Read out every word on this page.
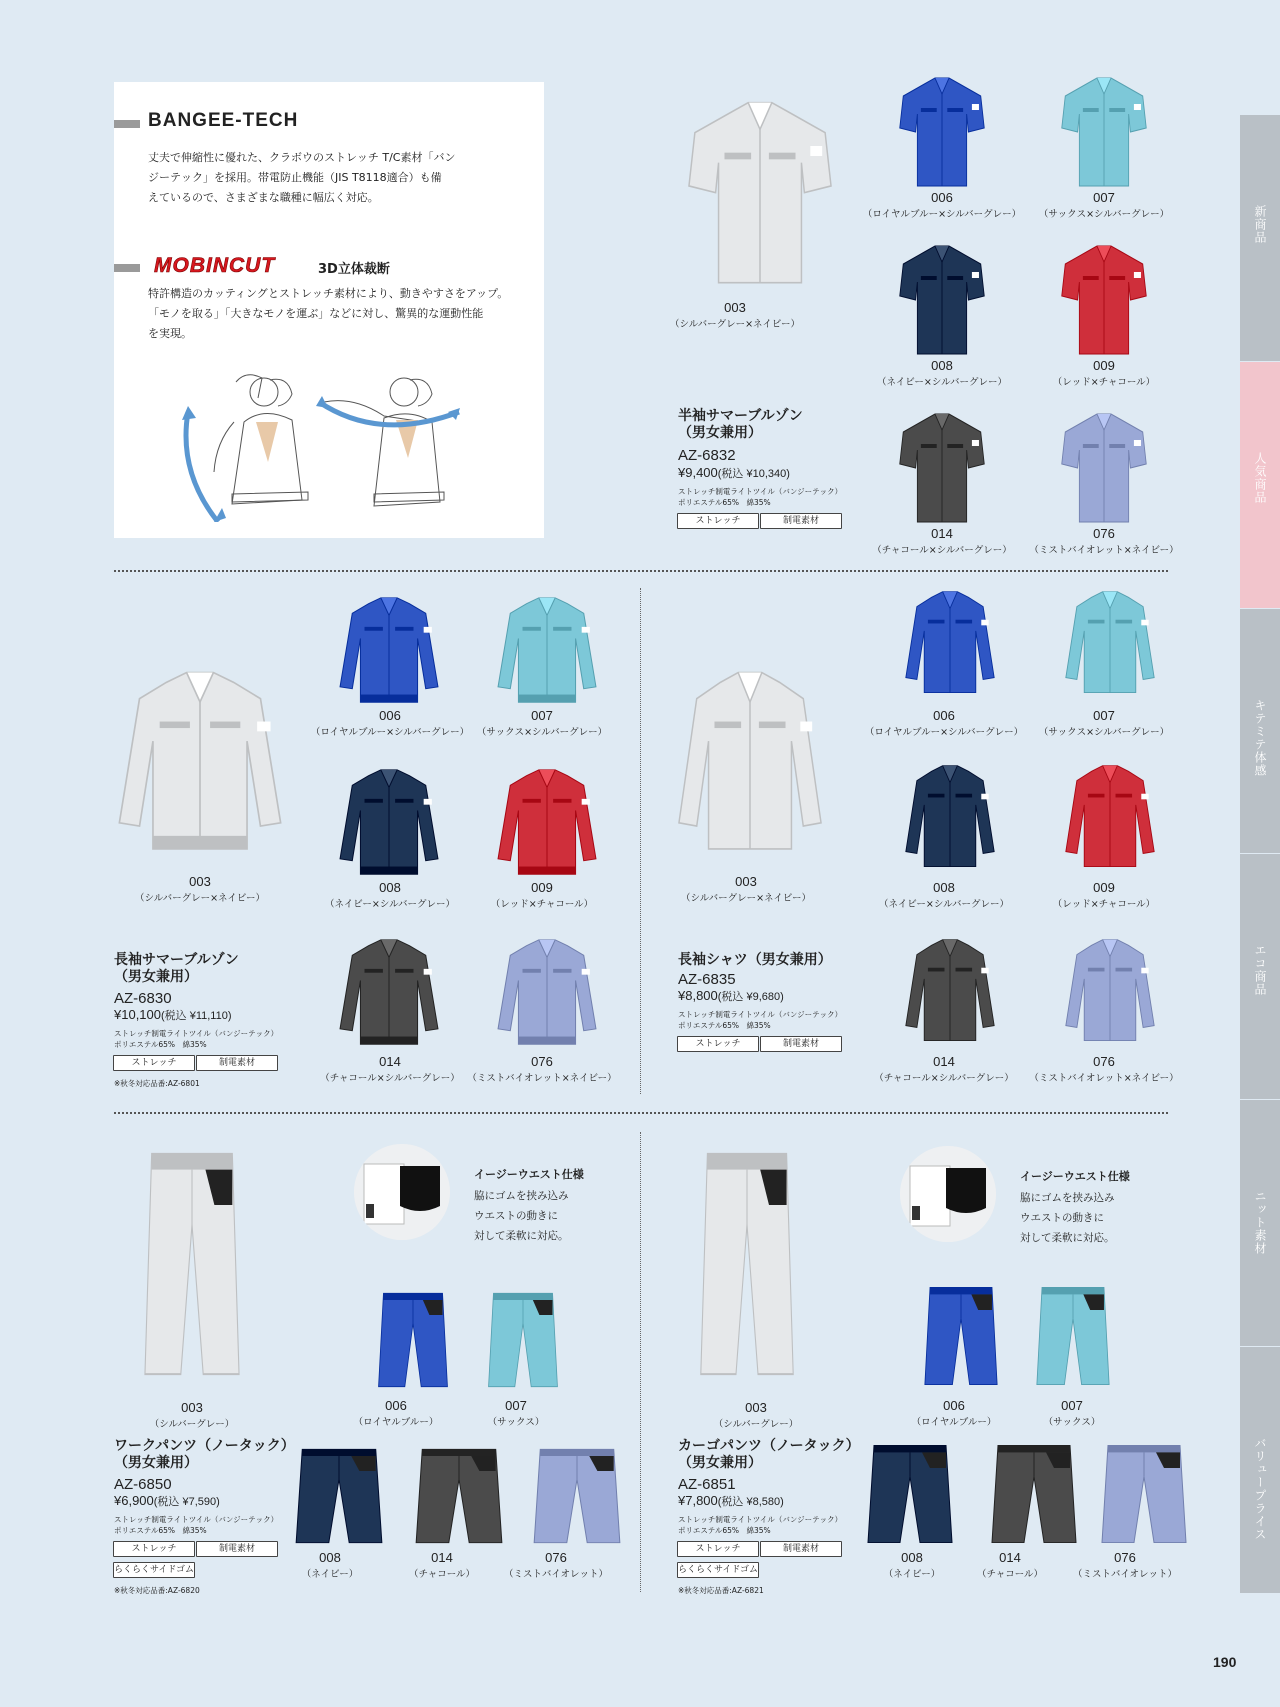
BANGEE-TECH
丈夫で伸縮性に優れた、クラボウのストレッチ T/C素材「バン
ジーテック」を採用。帯電防止機能（JIS T8118適合）も備
えているので、さまざまな職種に幅広く対応。
MOBINCUT	3D立体裁断
特許構造のカッティングとストレッチ素材により、動きやすさをアップ。
「モノを取る」「大きなモノを運ぶ」などに対し、驚異的な運動性能
を実現。
半袖サマーブルゾン
（男女兼用）
AZ-6832
¥9,400(税込 ¥10,340)
ストレッチ制電ライトツイル（バンジーテック）
ポリエステル65%　綿35%
ストレッチ	制電素材
長袖サマーブルゾン
（男女兼用）
AZ-6830
¥10,100(税込 ¥11,110)
ストレッチ制電ライトツイル（バンジーテック）
ポリエステル65%　綿35%
ストレッチ	制電素材
※秋冬対応品番:AZ-6801
長袖シャツ（男女兼用）
AZ-6835
¥8,800(税込 ¥9,680)
ストレッチ制電ライトツイル（バンジーテック）
ポリエステル65%　綿35%
ストレッチ	制電素材
ワークパンツ（ノータック）
（男女兼用）
AZ-6850
¥6,900(税込 ¥7,590)
ストレッチ制電ライトツイル（バンジーテック）
ポリエステル65%　綿35%
ストレッチ	制電素材
らくらくサイドゴム
※秋冬対応品番:AZ-6820
イージーウエスト仕様
脇にゴムを挟み込み
ウエストの動きに
対して柔軟に対応。
カーゴパンツ（ノータック）
（男女兼用）
AZ-6851
¥7,800(税込 ¥8,580)
ストレッチ制電ライトツイル（バンジーテック）
ポリエステル65%　綿35%
ストレッチ	制電素材
らくらくサイドゴム
※秋冬対応品番:AZ-6821
イージーウエスト仕様
脇にゴムを挟み込み
ウエストの動きに
対して柔軟に対応。
003
（シルバーグレー×ネイビー）
006
（ロイヤルブルー×シルバーグレー）
007
（サックス×シルバーグレー）
008
（ネイビー×シルバーグレー）
009
（レッド×チャコール）
014
（チャコール×シルバーグレー）
076
（ミストバイオレット×ネイビー）
003
（シルバーグレー×ネイビー）
006
（ロイヤルブルー×シルバーグレー）
007
（サックス×シルバーグレー）
008
（ネイビー×シルバーグレー）
009
（レッド×チャコール）
014
（チャコール×シルバーグレー）
076
（ミストバイオレット×ネイビー）
003
（シルバーグレー×ネイビー）
006
（ロイヤルブルー×シルバーグレー）
007
（サックス×シルバーグレー）
008
（ネイビー×シルバーグレー）
009
（レッド×チャコール）
014
（チャコール×シルバーグレー）
076
（ミストバイオレット×ネイビー）
003
（シルバーグレー）
006
（ロイヤルブルー）
007
（サックス）
008
（ネイビー）
014
（チャコール）
076
（ミストバイオレット）
003
（シルバーグレー）
006
（ロイヤルブルー）
007
（サックス）
008
（ネイビー）
014
（チャコール）
076
（ミストバイオレット）
新商品
人気商品
キテミテ体感
エコ商品
ニット素材
バリュープライス
190
